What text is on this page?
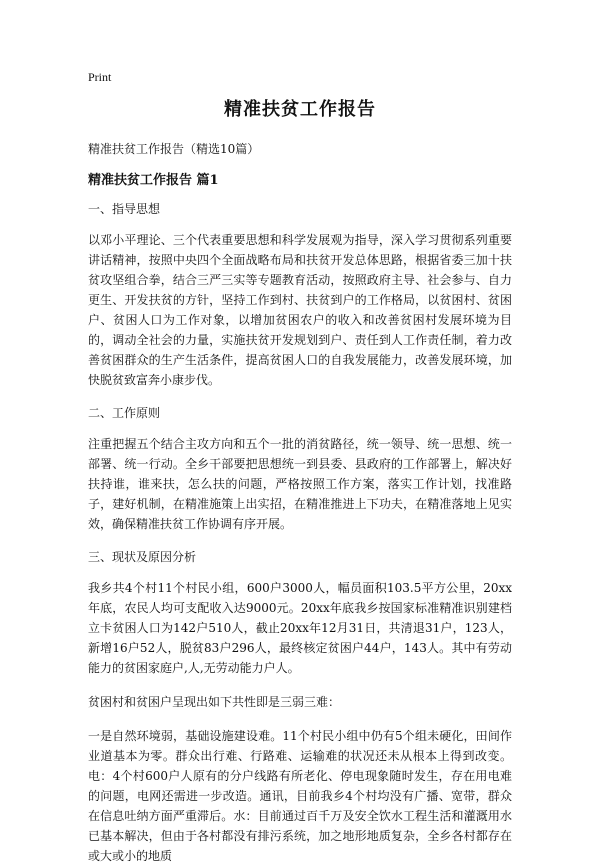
Print
精准扶贫工作报告
精准扶贫工作报告（精选10篇）
精准扶贫工作报告 篇1
一、指导思想

以邓小平理论、三个代表重要思想和科学发展观为指导，深入学习贯彻系列重要讲话精神，按照中央四个全面战略布局和扶贫开发总体思路，根据省委三加十扶贫攻坚组合拳，结合三严三实等专题教育活动，按照政府主导、社会参与、自力更生、开发扶贫的方针，坚持工作到村、扶贫到户的工作格局，以贫困村、贫困户、贫困人口为工作对象，以增加贫困农户的收入和改善贫困村发展环境为目的，调动全社会的力量，实施扶贫开发规划到户、责任到人工作责任制，着力改善贫困群众的生产生活条件，提高贫困人口的自我发展能力，改善发展环境，加快脱贫致富奔小康步伐。

二、工作原则

注重把握五个结合主攻方向和五个一批的消贫路径，统一领导、统一思想、统一部署、统一行动。全乡干部要把思想统一到县委、县政府的工作部署上，解决好扶持谁，谁来扶，怎么扶的问题，严格按照工作方案，落实工作计划，找准路子，建好机制，在精准施策上出实招，在精准推进上下功夫，在精准落地上见实效，确保精准扶贫工作协调有序开展。

三、现状及原因分析

我乡共4个村11个村民小组，600户3000人，幅员面积103.5平方公里，20xx年底，农民人均可支配收入达9000元。20xx年底我乡按国家标准精准识别建档立卡贫困人口为142户510人，截止20xx年12月31日，共清退31户，123人，新增16户52人，脱贫83户296人，最终核定贫困户44户，143人。其中有劳动能力的贫困家庭户,人,无劳动能力户人。

贫困村和贫困户呈现出如下共性即是三弱三难：

一是自然环境弱，基础设施建设难。11个村民小组中仍有5个组未硬化，田间作业道基本为零。群众出行难、行路难、运输难的状况还未从根本上得到改变。电：4个村600户人原有的分户线路有所老化、停电现象随时发生，存在用电难的问题，电网还需进一步改造。通讯，目前我乡4个村均没有广播、宽带，群众在信息吐纳方面严重滞后。水：目前通过百千万及安全饮水工程生活和灌溉用水已基本解决，但由于各村都没有排污系统，加之地形地质复杂，全乡各村都存在或大或小的地质
